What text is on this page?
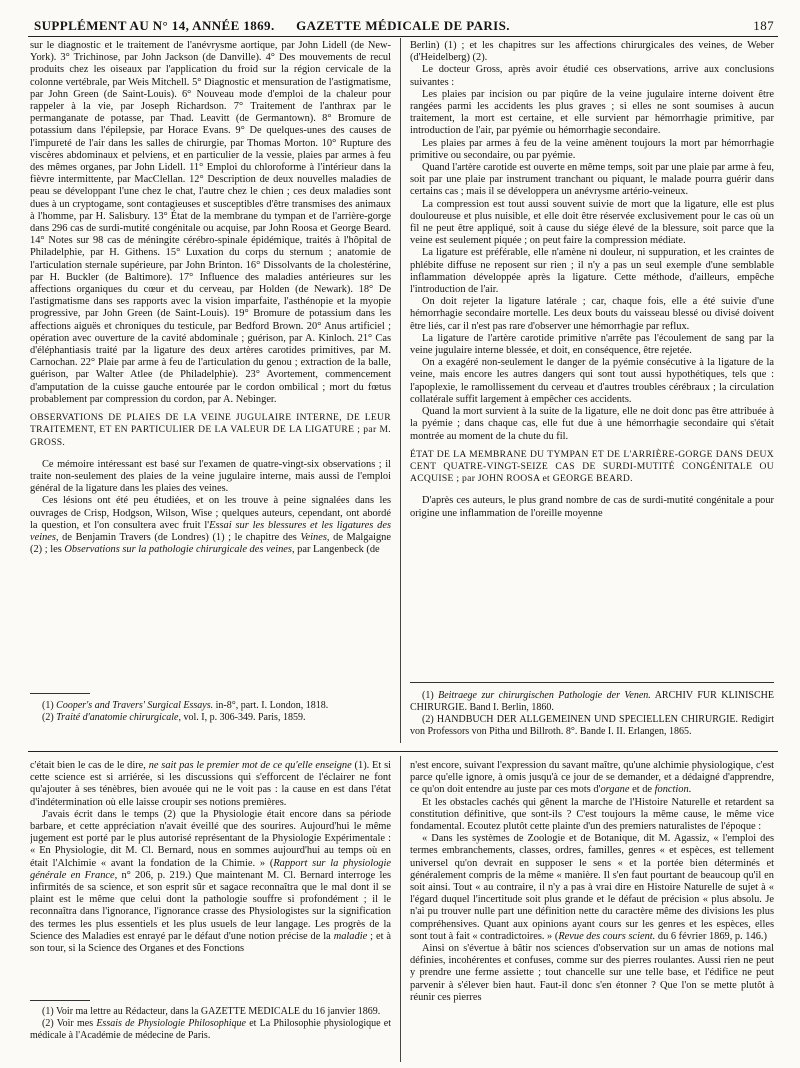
SUPPLÉMENT AU N° 14, ANNÉE 1869.	GAZETTE MÉDICALE DE PARIS.	187

sur le diagnostic et le traitement de l'anévrysme aortique, par John Lidell (de New-York). 3° Trichinose, par John Jackson (de Danville). 4° Des mouvements de recul produits chez les oiseaux par l'application du froid sur la région cervicale de la colonne vertébrale, par Weis Mitchell. 5° Diagnostic et mensuration de l'astigmatisme, par John Green (de Saint-Louis). 6° Nouveau mode d'emploi de la chaleur pour rappeler à la vie, par Joseph Richardson. 7° Traitement de l'anthrax par le permanganate de potasse, par Thad. Leavitt (de Germantown). 8° Bromure de potassium dans l'épilepsie, par Horace Evans. 9° De quelques-unes des causes de l'impureté de l'air dans les salles de chirurgie, par Thomas Morton. 10° Rupture des viscères abdominaux et pelviens, et en particulier de la vessie, plaies par armes à feu des mêmes organes, par John Lidell. 11° Emploi du chloroforme à l'intérieur dans la fièvre intermittente, par MacClellan. 12° Description de deux nouvelles maladies de peau se développant l'une chez le chat, l'autre chez le chien ; ces deux maladies sont dues à un cryptogame, sont contagieuses et susceptibles d'être transmises des animaux à l'homme, par H. Salisbury. 13° État de la membrane du tympan et de l'arrière-gorge dans 296 cas de surdi-mutité congénitale ou acquise, par John Roosa et George Beard. 14° Notes sur 98 cas de méningite cérébro-spinale épidémique, traités à l'hôpital de Philadelphie, par H. Githens. 15° Luxation du corps du sternum ; anatomie de l'articulation sternale supérieure, par John Brinton. 16° Dissolvants de la cholestérine, par H. Buckler (de Baltimore). 17° Influence des maladies antérieures sur les affections organiques du cœur et du cerveau, par Holden (de Newark). 18° De l'astigmatisme dans ses rapports avec la vision imparfaite, l'asthénopie et la myopie progressive, par John Green (de Saint-Louis). 19° Bromure de potassium dans les affections aiguës et chroniques du testicule, par Bedford Brown. 20° Anus artificiel ; opération avec ouverture de la cavité abdominale ; guérison, par A. Kinloch. 21° Cas d'éléphantiasis traité par la ligature des deux artères carotides primitives, par M. Carnochan. 22° Plaie par arme à feu de l'articulation du genou ; extraction de la balle, guérison, par Walter Atlee (de Philadelphie). 23° Avortement, commencement d'amputation de la cuisse gauche entourée par le cordon ombilical ; mort du fœtus probablement par compression du cordon, par A. Nebinger.

OBSERVATIONS DE PLAIES DE LA VEINE JUGULAIRE INTERNE, DE LEUR TRAITEMENT, ET EN PARTICULIER DE LA VALEUR DE LA LIGATURE ; par M. GROSS.

Ce mémoire intéressant est basé sur l'examen de quatre-vingt-six observations ; il traite non-seulement des plaies de la veine jugulaire interne, mais aussi de l'emploi général de la ligature dans les plaies des veines.

Ces lésions ont été peu étudiées, et on les trouve à peine signalées dans les ouvrages de Crisp, Hodgson, Wilson, Wise ; quelques auteurs, cependant, ont abordé la question, et l'on consultera avec fruit l'Essai sur les blessures et les ligatures des veines, de Benjamin Travers (de Londres) (1) ; le chapitre des Veines, de Malgaigne (2) ; les Observations sur la pathologie chirurgicale des veines, par Langenbeck (de

(1) Cooper's and Travers' Surgical Essays. in-8°, part. I. London, 1818.

(2) Traité d'anatomie chirurgicale, vol. I, p. 306-349. Paris, 1859.

Berlin) (1) ; et les chapitres sur les affections chirurgicales des veines, de Weber (d'Heidelberg) (2).

Le docteur Gross, après avoir étudié ces observations, arrive aux conclusions suivantes :

Les plaies par incision ou par piqûre de la veine jugulaire interne doivent être rangées parmi les accidents les plus graves ; si elles ne sont soumises à aucun traitement, la mort est certaine, et elle survient par hémorrhagie primitive, par introduction de l'air, par pyémie ou hémorrhagie secondaire.

Les plaies par armes à feu de la veine amènent toujours la mort par hémorrhagie primitive ou secondaire, ou par pyémie.

Quand l'artère carotide est ouverte en même temps, soit par une plaie par arme à feu, soit par une plaie par instrument tranchant ou piquant, le malade pourra guérir dans certains cas ; mais il se développera un anévrysme artério-veineux.

La compression est tout aussi souvent suivie de mort que la ligature, elle est plus douloureuse et plus nuisible, et elle doit être réservée exclusivement pour le cas où un fil ne peut être appliqué, soit à cause du siége élevé de la blessure, soit parce que la veine est seulement piquée ; on peut faire la compression médiate.

La ligature est préférable, elle n'amène ni douleur, ni suppuration, et les craintes de phlébite diffuse ne reposent sur rien ; il n'y a pas un seul exemple d'une semblable inflammation développée après la ligature. Cette méthode, d'ailleurs, empêche l'introduction de l'air.

On doit rejeter la ligature latérale ; car, chaque fois, elle a été suivie d'une hémorrhagie secondaire mortelle. Les deux bouts du vaisseau blessé ou divisé doivent être liés, car il n'est pas rare d'observer une hémorrhagie par reflux.

La ligature de l'artère carotide primitive n'arrête pas l'écoulement de sang par la veine jugulaire interne blessée, et doit, en conséquence, être rejetée.

On a exagéré non-seulement le danger de la pyémie consécutive à la ligature de la veine, mais encore les autres dangers qui sont tout aussi hypothétiques, tels que : l'apoplexie, le ramollissement du cerveau et d'autres troubles cérébraux ; la circulation collatérale suffit largement à empêcher ces accidents.

Quand la mort survient à la suite de la ligature, elle ne doit donc pas être attribuée à la pyémie ; dans chaque cas, elle fut due à une hémorrhagie secondaire qui s'était montrée au moment de la chute du fil.

ÉTAT DE LA MEMBRANE DU TYMPAN ET DE L'ARRIÈRE-GORGE DANS DEUX CENT QUATRE-VINGT-SEIZE CAS DE SURDI-MUTITÉ CONGÉNITALE OU ACQUISE ; par JOHN ROOSA et GEORGE BEARD.

D'après ces auteurs, le plus grand nombre de cas de surdi-mutité congénitale a pour origine une inflammation de l'oreille moyenne

(1) Beitraege zur chirurgischen Pathologie der Venen. ARCHIV FUR KLINISCHE CHIRURGIE. Band I. Berlin, 1860.

(2) HANDBUCH DER ALLGEMEINEN UND SPECIELLEN CHIRURGIE. Redigirt von Professors von Pitha und Billroth. 8°. Bande I. II. Erlangen, 1865.

c'était bien le cas de le dire, ne sait pas le premier mot de ce qu'elle enseigne (1). Et si cette science est si arriérée, si les discussions qui s'efforcent de l'éclairer ne font qu'ajouter à ses ténèbres, bien avouée qui ne le voit pas : la cause en est dans l'état d'indétermination où elle laisse croupir ses notions premières.

J'avais écrit dans le temps (2) que la Physiologie était encore dans sa période barbare, et cette appréciation n'avait éveillé que des sourires. Aujourd'hui le même jugement est porté par le plus autorisé représentant de la Physiologie Expérimentale : « En Physiologie, dit M. Cl. Bernard, nous en sommes aujourd'hui au temps où en était l'Alchimie « avant la fondation de la Chimie. » (Rapport sur la physiologie générale en France, n° 206, p. 219.) Que maintenant M. Cl. Bernard interroge les infirmités de sa science, et son esprit sûr et sagace reconnaîtra que le mal dont il se plaint est le même que celui dont la pathologie souffre si profondément ; il le reconnaîtra dans l'ignorance, l'ignorance crasse des Physiologistes sur la signification des termes les plus essentiels et les plus usuels de leur langage. Les progrès de la Science des Maladies est enrayé par le défaut d'une notion précise de la maladie ; et à son tour, si la Science des Organes et des Fonctions

(1) Voir ma lettre au Rédacteur, dans la GAZETTE MÉDICALE du 16 janvier 1869.

(2) Voir mes Essais de Physiologie Philosophique et La Philosophie physiologique et médicale à l'Académie de médecine de Paris.

n'est encore, suivant l'expression du savant maître, qu'une alchimie physiologique, c'est parce qu'elle ignore, à omis jusqu'à ce jour de se demander, et a dédaigné d'apprendre, ce qu'on doit entendre au juste par ces mots d'organe et de fonction.

Et les obstacles cachés qui gênent la marche de l'Histoire Naturelle et retardent sa constitution définitive, que sont-ils ? C'est toujours la même cause, le même vice fondamental. Ecoutez plutôt cette plainte d'un des premiers naturalistes de l'époque :

« Dans les systèmes de Zoologie et de Botanique, dit M. Agassiz, « l'emploi des termes embranchements, classes, ordres, familles, genres « et espèces, est tellement universel qu'on devrait en supposer le sens « et la portée bien déterminés et généralement compris de la même « manière. Il s'en faut pourtant de beaucoup qu'il en soit ainsi. Tout « au contraire, il n'y a pas à vrai dire en Histoire Naturelle de sujet à « l'égard duquel l'incertitude soit plus grande et le défaut de précision « plus absolu. Je n'ai pu trouver nulle part une définition nette du caractère même des divisions les plus compréhensives. Quant aux opinions ayant cours sur les genres et les espèces, elles sont tout à fait « contradictoires. » (Revue des cours scient. du 6 février 1869, p. 146.)

Ainsi on s'évertue à bâtir nos sciences d'observation sur un amas de notions mal définies, incohérentes et confuses, comme sur des pierres roulantes. Aussi rien ne peut y prendre une ferme assiette ; tout chancelle sur une telle base, et l'édifice ne peut parvenir à s'élever bien haut. Faut-il donc s'en étonner ? Que l'on se mette plutôt à réunir ces pierres
